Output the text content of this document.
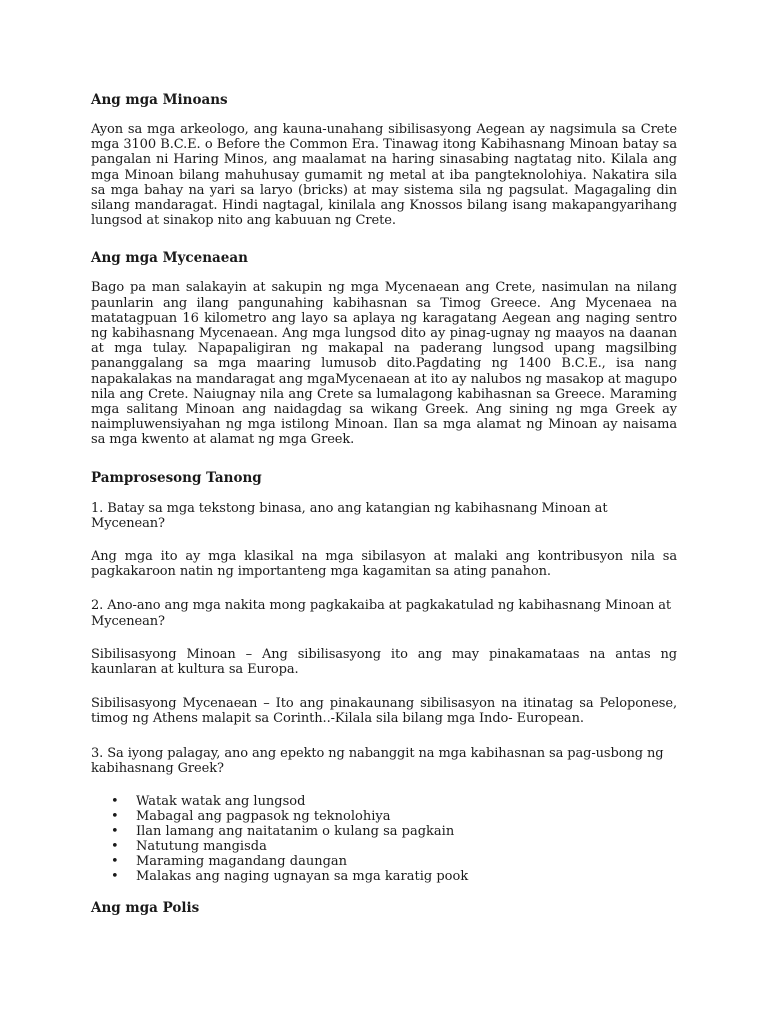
Ang mga Minoans

Ayon sa mga arkeologo, ang kauna-unahang sibilisasyong Aegean ay nagsimula sa Crete mga 3100 B.C.E. o Before the Common Era. Tinawag itong Kabihasnang Minoan batay sa pangalan ni Haring Minos, ang maalamat na haring sinasabing nagtatag nito. Kilala ang mga Minoan bilang mahuhusay gumamit ng metal at iba pangteknolohiya. Nakatira sila sa mga bahay na yari sa laryo (bricks) at may sistema sila ng pagsulat. Magagaling din silang mandaragat. Hindi nagtagal, kinilala ang Knossos bilang isang makapangyarihang lungsod at sinakop nito ang kabuuan ng Crete.

Ang mga Mycenaean

Bago pa man salakayin at sakupin ng mga Mycenaean ang Crete, nasimulan na nilang paunlarin ang ilang pangunahing kabihasnan sa Timog Greece. Ang Mycenaea na matatagpuan 16 kilometro ang layo sa aplaya ng karagatang Aegean ang naging sentro ng kabihasnang Mycenaean. Ang mga lungsod dito ay pinag-ugnay ng maayos na daanan at mga tulay. Napapaligiran ng makapal na paderang lungsod upang magsilbing pananggalang sa mga maaring lumusob dito.Pagdating ng 1400 B.C.E., isa nang napakalakas na mandaragat ang mgaMycenaean at ito ay nalubos ng masakop at magupo nila ang Crete. Naiugnay nila ang Crete sa lumalagong kabihasnan sa Greece. Maraming mga salitang Minoan ang naidagdag sa wikang Greek. Ang sining ng mga Greek ay naimpluwensiyahan ng mga istilong Minoan. Ilan sa mga alamat ng Minoan ay naisama sa mga kwento at alamat ng mga Greek.

Pamprosesong Tanong

1. Batay sa mga tekstong binasa, ano ang katangian ng kabihasnang Minoan at Mycenean?

Ang mga ito ay mga klasikal na mga sibilasyon at malaki ang kontribusyon nila sa pagkakaroon natin ng importanteng mga kagamitan sa ating panahon.

2. Ano-ano ang mga nakita mong pagkakaiba at pagkakatulad ng kabihasnang Minoan at Mycenean?

Sibilisasyong Minoan – Ang sibilisasyong ito ang may pinakamataas na antas ng kaunlaran at kultura sa Europa.

Sibilisasyong Mycenaean – Ito ang pinakaunang sibilisasyon na itinatag sa Peloponese, timog ng Athens malapit sa Corinth..-Kilala sila bilang mga Indo- European.

3. Sa iyong palagay, ano ang epekto ng nabanggit na mga kabihasnan sa pag-usbong ng kabihasnang Greek?

• Watak watak ang lungsod
• Mabagal ang pagpasok ng teknolohiya
• Ilan lamang ang naitatanim o kulang sa pagkain
• Natutung mangisda
• Maraming magandang daungan
• Malakas ang naging ugnayan sa mga karatig pook

Ang mga Polis
